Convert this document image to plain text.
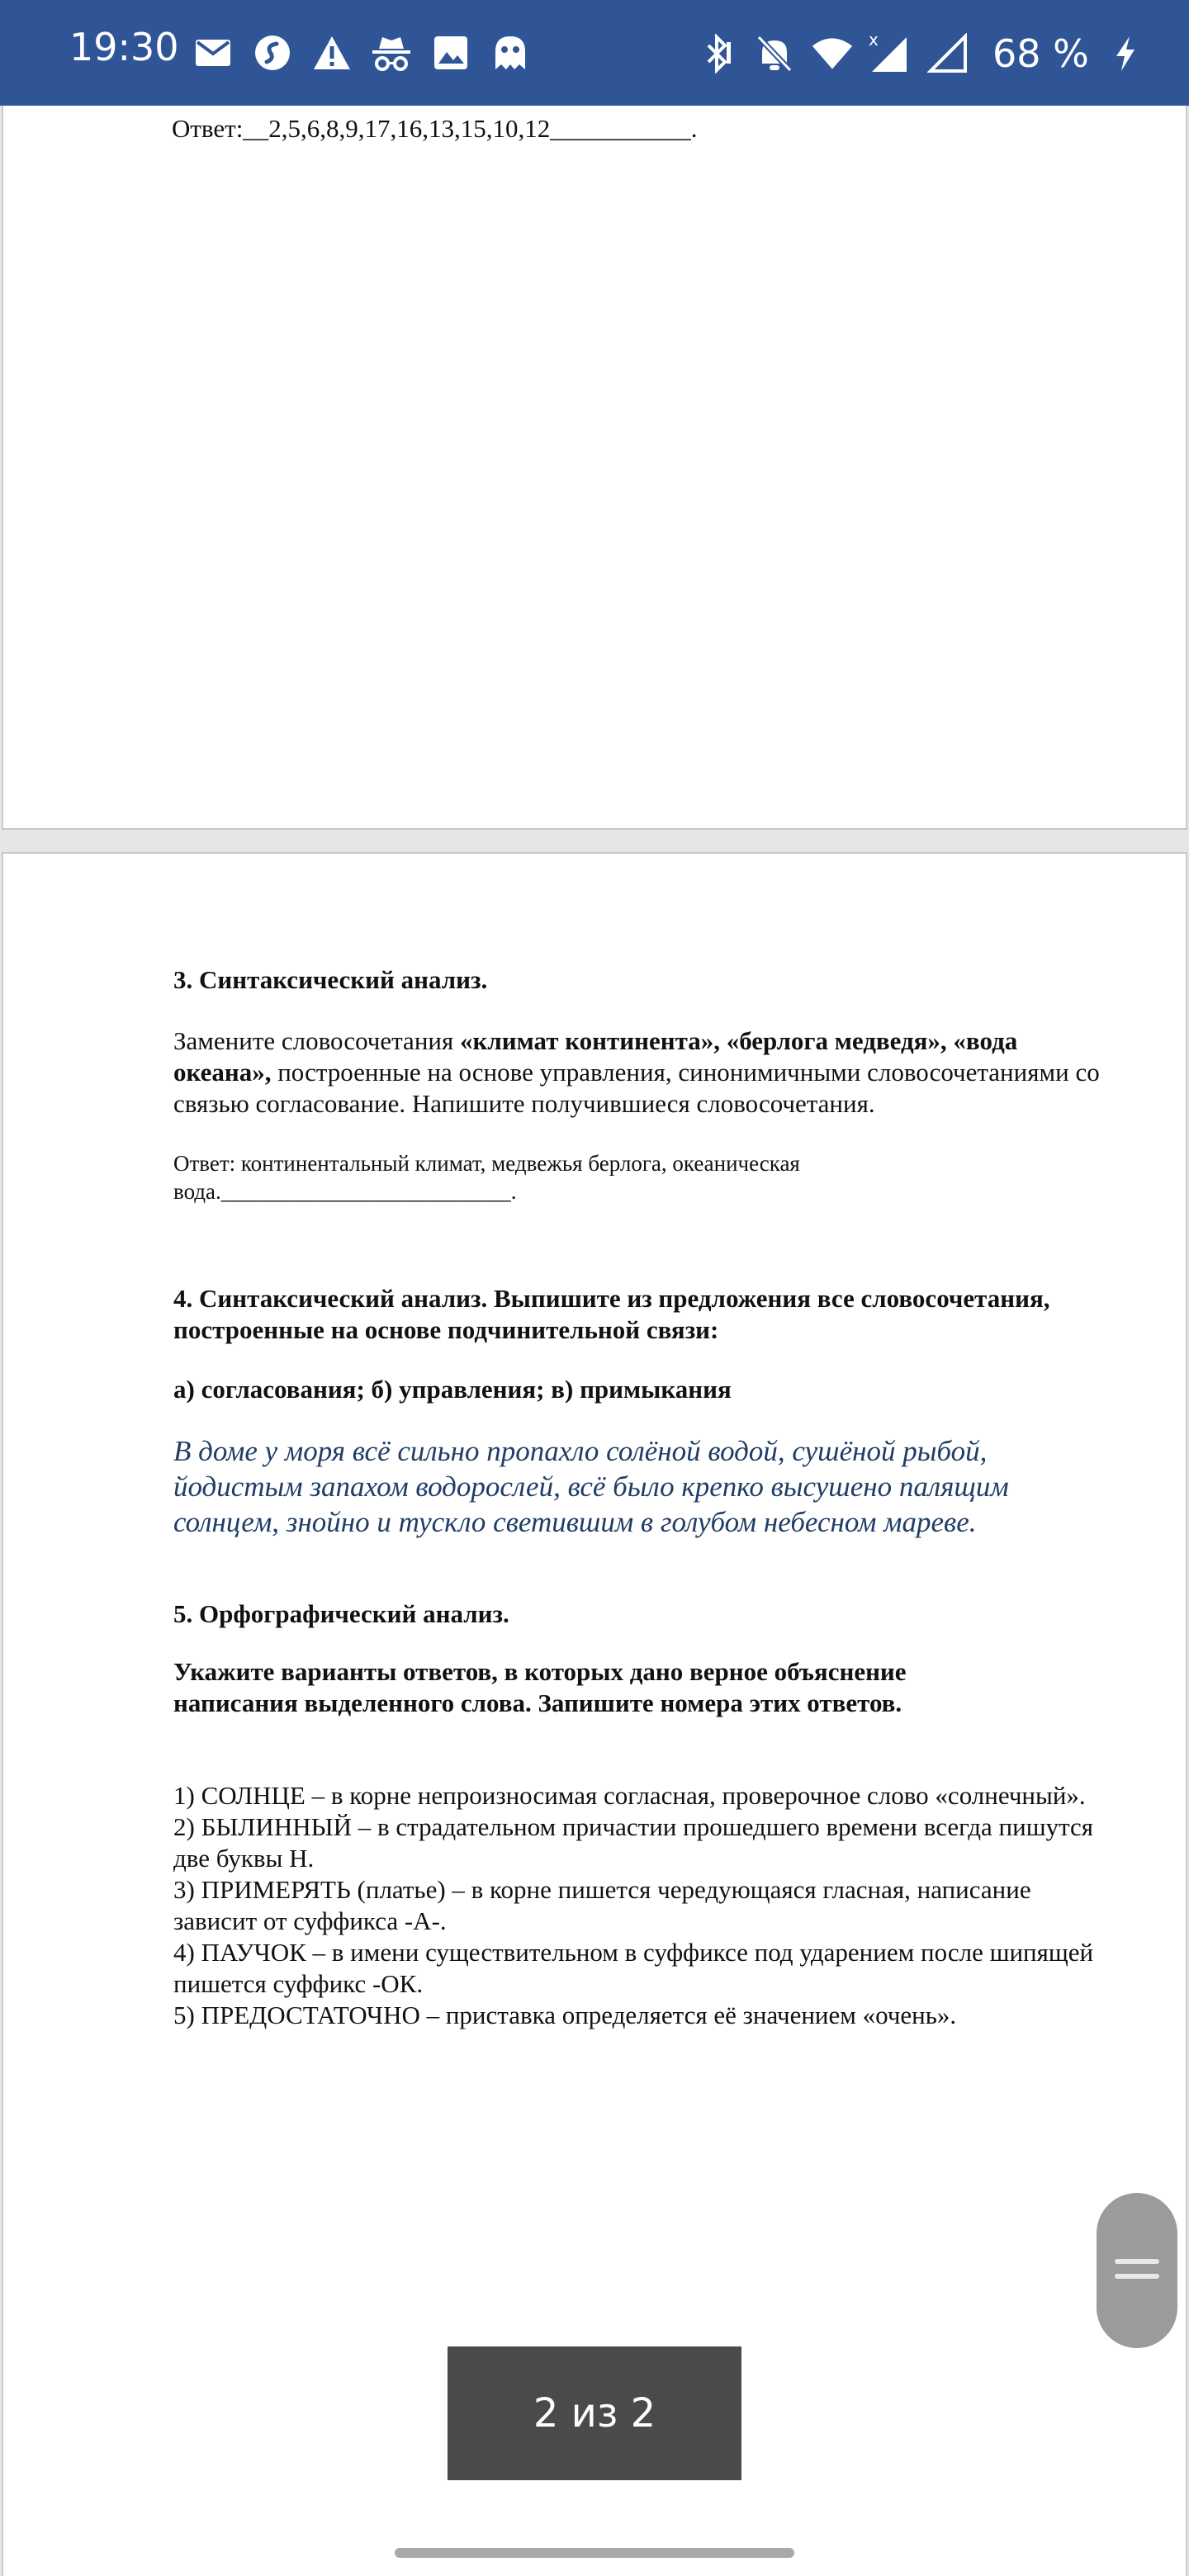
19:30	x	68 %
Ответ:__2,5,6,8,9,17,16,13,15,10,12___________.
3. Синтаксический анализ.
Замените словосочетания «климат континента», «берлога медведя», «вода океана», построенные на основе управления, синонимичными словосочетаниями со связью согласование. Напишите получившиеся словосочетания.
Ответ: континентальный климат, медвежья берлога, океаническая
вода.__________________________.
4. Синтаксический анализ. Выпишите из предложения все словосочетания, построенные на основе подчинительной связи:
а) согласования; б) управления; в) примыкания
В доме у моря всё сильно пропахло солёной водой, сушёной рыбой, йодистым запахом водорослей, всё было крепко высушено палящим солнцем, знойно и тускло светившим в голубом небесном мареве.
5. Орфографический анализ.
Укажите варианты ответов, в которых дано верное объяснение написания выделенного слова. Запишите номера этих ответов.
1) СОЛНЦЕ – в корне непроизносимая согласная, проверочное слово «солнечный».
2) БЫЛИННЫЙ – в страдательном причастии прошедшего времени всегда пишутся две буквы Н.
3) ПРИМЕРЯТЬ (платье) – в корне пишется чередующаяся гласная, написание зависит от суффикса -А-.
4) ПАУЧОК – в имени существительном в суффиксе под ударением после шипящей пишется суффикс -ОК.
5) ПРЕДОСТАТОЧНО – приставка определяется её значением «очень».
2 из 2
